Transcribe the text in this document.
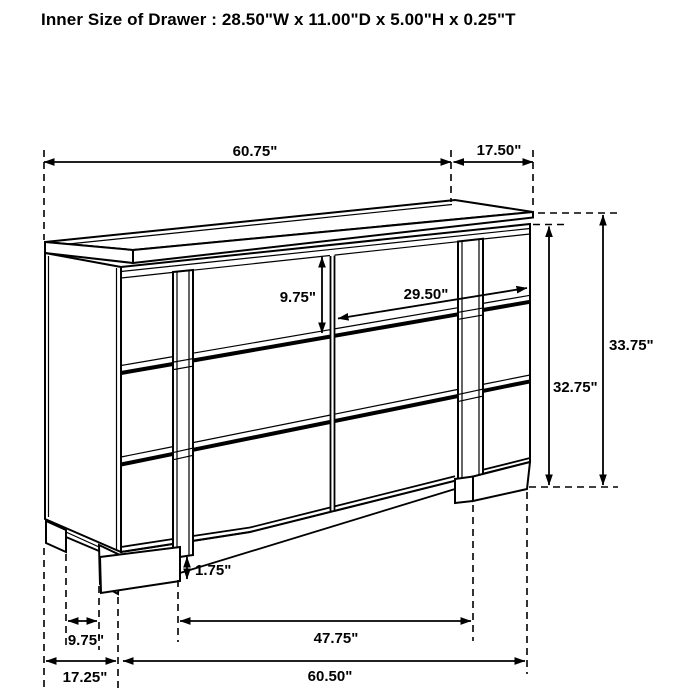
Inner Size of Drawer : 28.50"W x 11.00"D x 5.00"H x 0.25"T
60.75"	17.50"
9.75"	29.50"
33.75"
32.75"
1.75"
47.75"
9.75"
17.25"	60.50"
